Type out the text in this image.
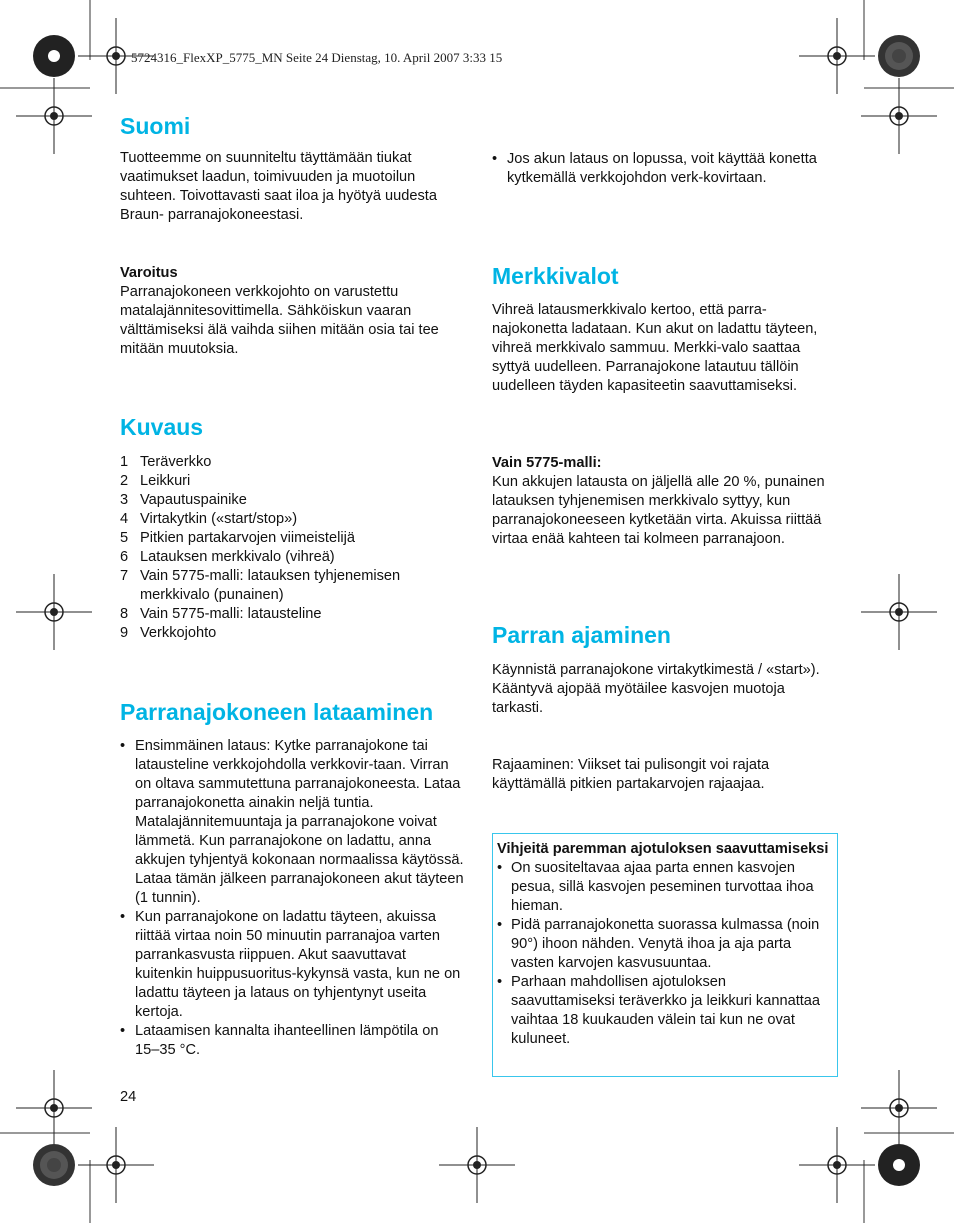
5724316_FlexXP_5775_MN Seite 24 Dienstag, 10. April 2007 3:33 15
Suomi

Tuotteemme on suunniteltu täyttämään tiukat vaatimukset laadun, toimivuuden ja muotoilun suhteen. Toivottavasti saat iloa ja hyötyä uudesta Braun- parranajokoneestasi.

Varoitus

Parranajokoneen verkkojohto on varustettu matalajännitesovittimella. Sähköiskun vaaran välttämiseksi älä vaihda siihen mitään osia tai tee mitään muutoksia.

Kuvaus
1 Teräverkko
2 Leikkuri
3 Vapautuspainike
4 Virtakytkin («start/stop»)
5 Pitkien partakarvojen viimeistelijä
6 Latauksen merkkivalo (vihreä)
7 Vain 5775-malli: latauksen tyhjenemisen merkkivalo (punainen)
8 Vain 5775-malli: latausteline
9 Verkkojohto
Parranajokoneen lataaminen
• Ensimmäinen lataus: Kytke parranajokone tai latausteline verkkojohdolla verkkovir-taan. Virran on oltava sammutettuna parranajokoneesta. Lataa parranajokonetta ainakin neljä tuntia. Matalajännitemuuntaja ja parranajokone voivat lämmetä. Kun parranajokone on ladattu, anna akkujen tyhjentyä kokonaan normaalissa käytössä. Lataa tämän jälkeen parranajokoneen akut täyteen (1 tunnin).
• Kun parranajokone on ladattu täyteen, akuissa riittää virtaa noin 50 minuutin parranajoa varten parrankasvusta riippuen. Akut saavuttavat kuitenkin huippusuoritus-kykynsä vasta, kun ne on ladattu täyteen ja lataus on tyhjentynyt useita kertoja.
• Lataamisen kannalta ihanteellinen lämpötila on 15–35 °C.
• Jos akun lataus on lopussa, voit käyttää konetta kytkemällä verkkojohdon verk-kovirtaan.
Merkkivalot

Vihreä latausmerkkivalo kertoo, että parra-najokonetta ladataan. Kun akut on ladattu täyteen, vihreä merkkivalo sammuu. Merkki-valo saattaa syttyä uudelleen. Parranajokone latautuu tällöin uudelleen täyden kapasiteetin saavuttamiseksi.

Vain 5775-malli:

Kun akkujen latausta on jäljellä alle 20 %, punainen latauksen tyhjenemisen merkkivalo syttyy, kun parranajokoneeseen kytketään virta. Akuissa riittää virtaa enää kahteen tai kolmeen parranajoon.

Parran ajaminen

Käynnistä parranajokone virtakytkimestä / «start»).

Kääntyvä ajopää myötäilee kasvojen muotoja tarkasti.

Rajaaminen: Viikset tai pulisongit voi rajata käyttämällä pitkien partakarvojen rajaajaa.

Vihjeitä paremman ajotuloksen saavuttamiseksi
• On suositeltavaa ajaa parta ennen kasvojen pesua, sillä kasvojen peseminen turvottaa ihoa hieman.
• Pidä parranajokonetta suorassa kulmassa (noin 90°) ihoon nähden. Venytä ihoa ja aja parta vasten karvojen kasvusuuntaa.
• Parhaan mahdollisen ajotuloksen saavuttamiseksi teräverkko ja leikkuri kannattaa vaihtaa 18 kuukauden välein tai kun ne ovat kuluneet.
24
